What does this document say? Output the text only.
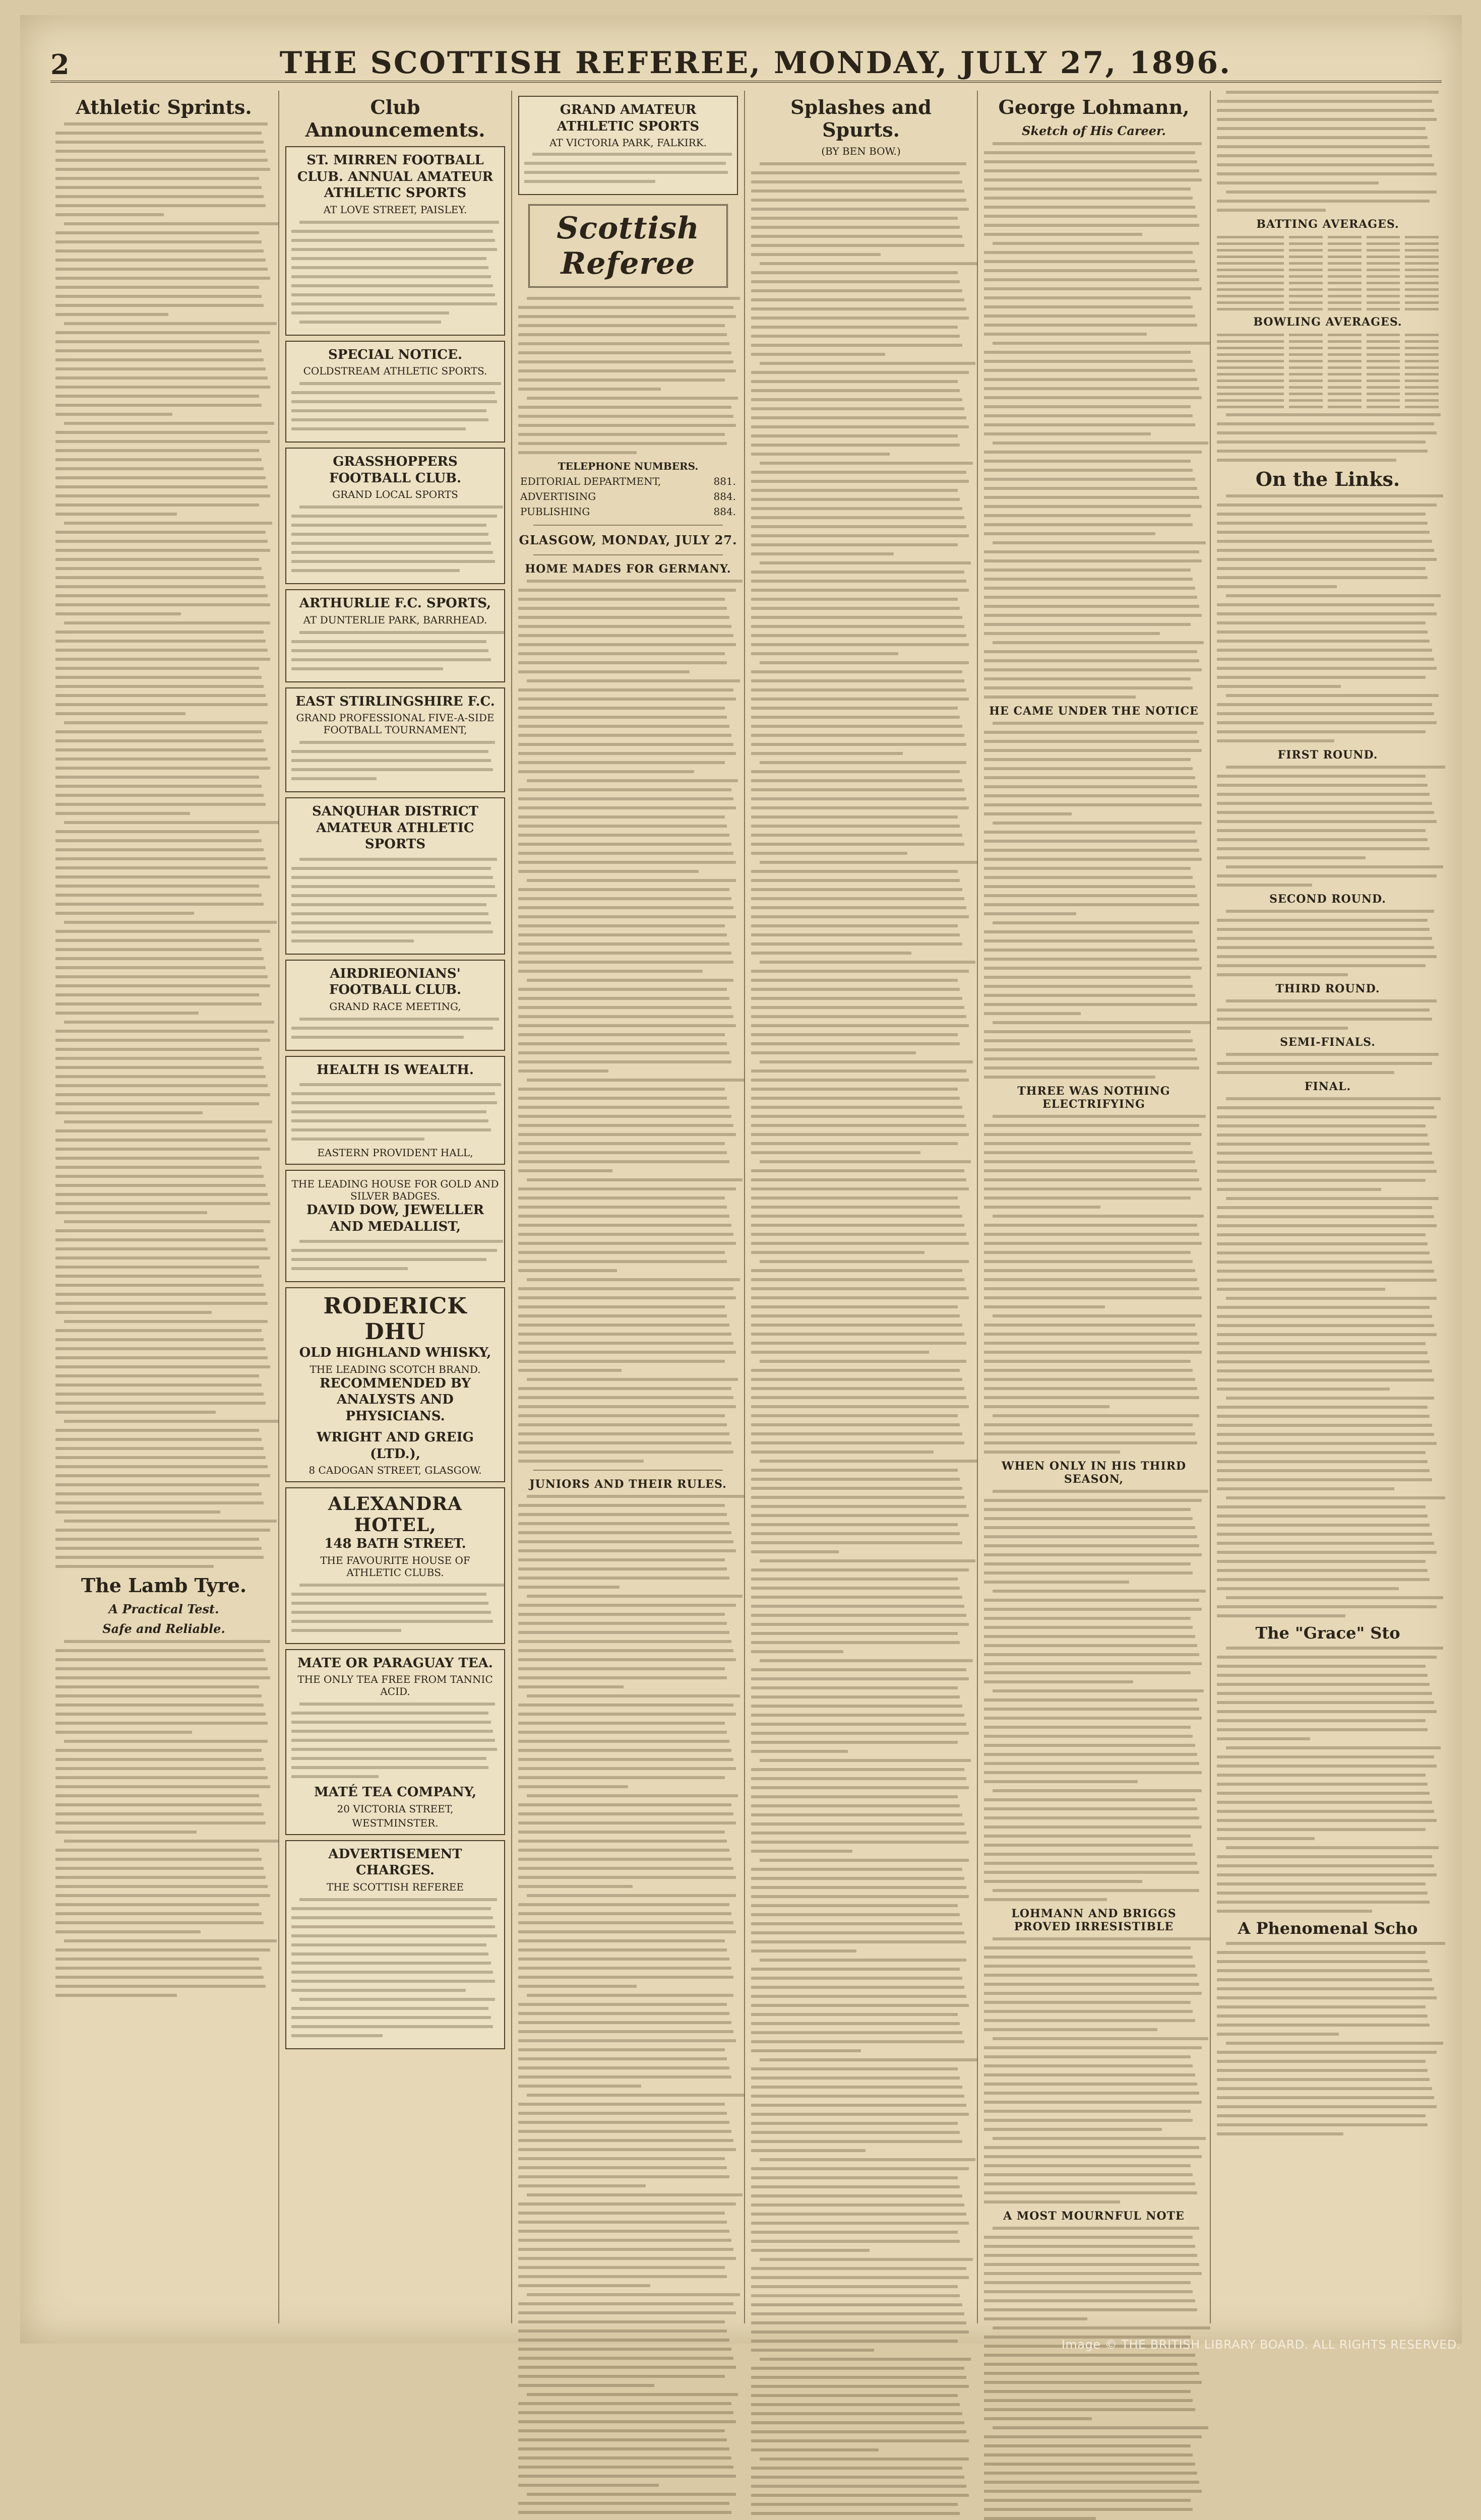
2	THE SCOTTISH REFEREE, MONDAY, JULY 27, 1896.
Athletic Sprints.
The Lamb Tyre.
A Practical Test.
Safe and Reliable.
Club Announcements.
ST. MIRREN FOOTBALL CLUB. ANNUAL AMATEUR ATHLETIC SPORTS
AT LOVE STREET, PAISLEY.
SPECIAL NOTICE.
COLDSTREAM ATHLETIC SPORTS.
GRASSHOPPERS FOOTBALL CLUB.
GRAND LOCAL SPORTS
ARTHURLIE F.C. SPORTS,
AT DUNTERLIE PARK, BARRHEAD.
EAST STIRLINGSHIRE F.C.
GRAND PROFESSIONAL FIVE-A-SIDE FOOTBALL TOURNAMENT,
SANQUHAR DISTRICT AMATEUR ATHLETIC SPORTS
AIRDRIEONIANS' FOOTBALL CLUB.
GRAND RACE MEETING,
HEALTH IS WEALTH.
EASTERN PROVIDENT HALL,
THE LEADING HOUSE FOR GOLD AND SILVER BADGES.
DAVID DOW, JEWELLER AND MEDALLIST,
RODERICK DHU
OLD HIGHLAND WHISKY,
THE LEADING SCOTCH BRAND.
RECOMMENDED BY ANALYSTS AND PHYSICIANS.
WRIGHT AND GREIG (LTD.),
8 CADOGAN STREET, GLASGOW.
ALEXANDRA HOTEL,
148 BATH STREET.
THE FAVOURITE HOUSE OF ATHLETIC CLUBS.
MATE OR PARAGUAY TEA.
THE ONLY TEA FREE FROM TANNIC ACID.
MATÉ TEA COMPANY,
20 VICTORIA STREET,
WESTMINSTER.
ADVERTISEMENT CHARGES.
THE SCOTTISH REFEREE
GRAND AMATEUR ATHLETIC SPORTS
AT VICTORIA PARK, FALKIRK.
Scottish Referee
TELEPHONE NUMBERS.
EDITORIAL DEPARTMENT,	881.
ADVERTISING	884.
PUBLISHING	884.
GLASGOW, MONDAY, JULY 27.
HOME MADES FOR GERMANY.
JUNIORS AND THEIR RULES.
Splashes and Spurts.
(BY BEN BOW.)
George Lohmann,
Sketch of His Career.
HE CAME UNDER THE NOTICE
THREE WAS NOTHING ELECTRIFYING
WHEN ONLY IN HIS THIRD SEASON,
LOHMANN AND BRIGGS PROVED IRRESISTIBLE
A MOST MOURNFUL NOTE
BATTING AVERAGES.
BOWLING AVERAGES.
On the Links.
FIRST ROUND.
SECOND ROUND.
THIRD ROUND.
SEMI-FINALS.
FINAL.
The "Grace" Sto
A Phenomenal Scho
Image © THE BRITISH LIBRARY BOARD. ALL RIGHTS RESERVED.
